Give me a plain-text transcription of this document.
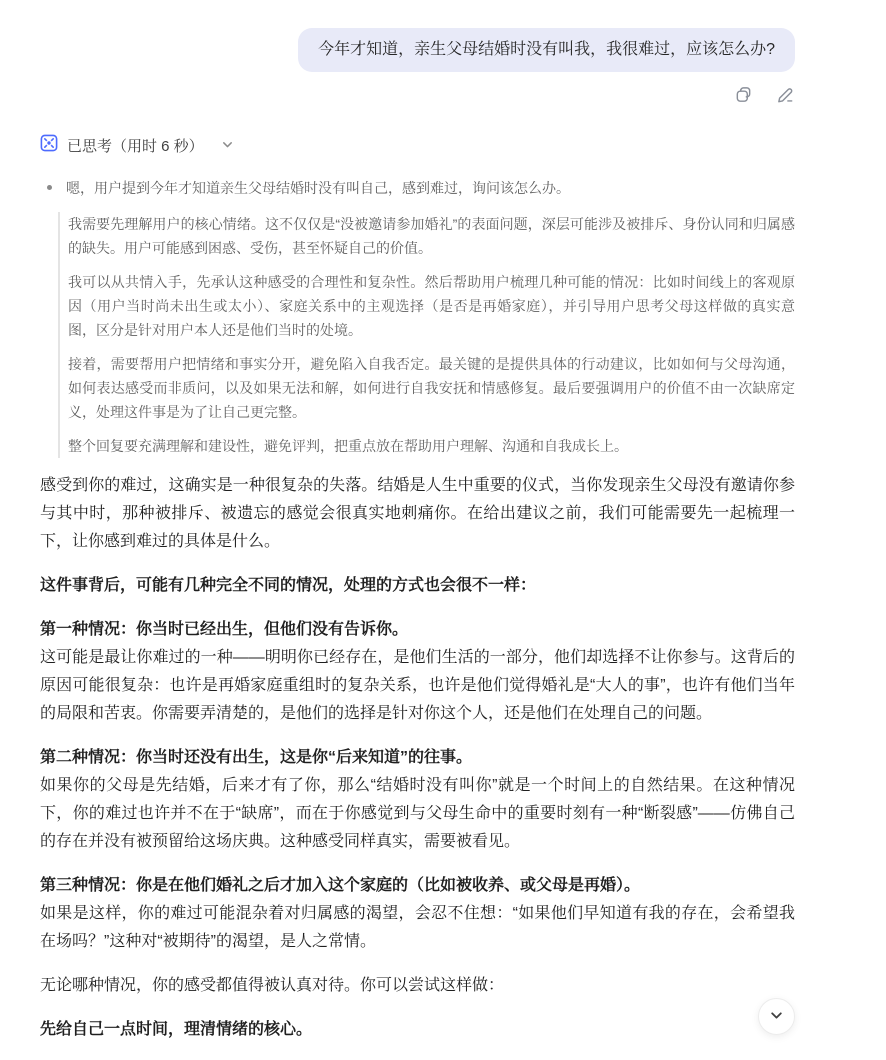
今年才知道，亲生父母结婚时没有叫我，我很难过，应该怎么办?
已思考（用时 6 秒）
嗯，用户提到今年才知道亲生父母结婚时没有叫自己，感到难过，询问该怎么办。

我需要先理解用户的核心情绪。这不仅仅是“没被邀请参加婚礼”的表面问题，深层可能涉及被排斥、身份认同和归属感的缺失。用户可能感到困惑、受伤，甚至怀疑自己的价值。

我可以从共情入手，先承认这种感受的合理性和复杂性。然后帮助用户梳理几种可能的情况：比如时间线上的客观原因（用户当时尚未出生或太小）、家庭关系中的主观选择（是否是再婚家庭），并引导用户思考父母这样做的真实意图，区分是针对用户本人还是他们当时的处境。

接着，需要帮用户把情绪和事实分开，避免陷入自我否定。最关键的是提供具体的行动建议，比如如何与父母沟通，如何表达感受而非质问，以及如果无法和解，如何进行自我安抚和情感修复。最后要强调用户的价值不由一次缺席定义，处理这件事是为了让自己更完整。

整个回复要充满理解和建设性，避免评判，把重点放在帮助用户理解、沟通和自我成长上。

感受到你的难过，这确实是一种很复杂的失落。结婚是人生中重要的仪式，当你发现亲生父母没有邀请你参与其中时，那种被排斥、被遗忘的感觉会很真实地刺痛你。在给出建议之前，我们可能需要先一起梳理一下，让你感到难过的具体是什么。

这件事背后，可能有几种完全不同的情况，处理的方式也会很不一样：

第一种情况：你当时已经出生，但他们没有告诉你。
这可能是最让你难过的一种——明明你已经存在，是他们生活的一部分，他们却选择不让你参与。这背后的原因可能很复杂：也许是再婚家庭重组时的复杂关系，也许是他们觉得婚礼是“大人的事”，也许有他们当年的局限和苦衷。你需要弄清楚的，是他们的选择是针对你这个人，还是他们在处理自己的问题。

第二种情况：你当时还没有出生，这是你“后来知道”的往事。
如果你的父母是先结婚，后来才有了你，那么“结婚时没有叫你”就是一个时间上的自然结果。在这种情况下，你的难过也许并不在于“缺席”，而在于你感觉到与父母生命中的重要时刻有一种“断裂感”——仿佛自己的存在并没有被预留给这场庆典。这种感受同样真实，需要被看见。

第三种情况：你是在他们婚礼之后才加入这个家庭的（比如被收养、或父母是再婚）。
如果是这样，你的难过可能混杂着对归属感的渴望，会忍不住想：“如果他们早知道有我的存在，会希望我在场吗？”这种对“被期待”的渴望，是人之常情。

无论哪种情况，你的感受都值得被认真对待。你可以尝试这样做：

先给自己一点时间，理清情绪的核心。
